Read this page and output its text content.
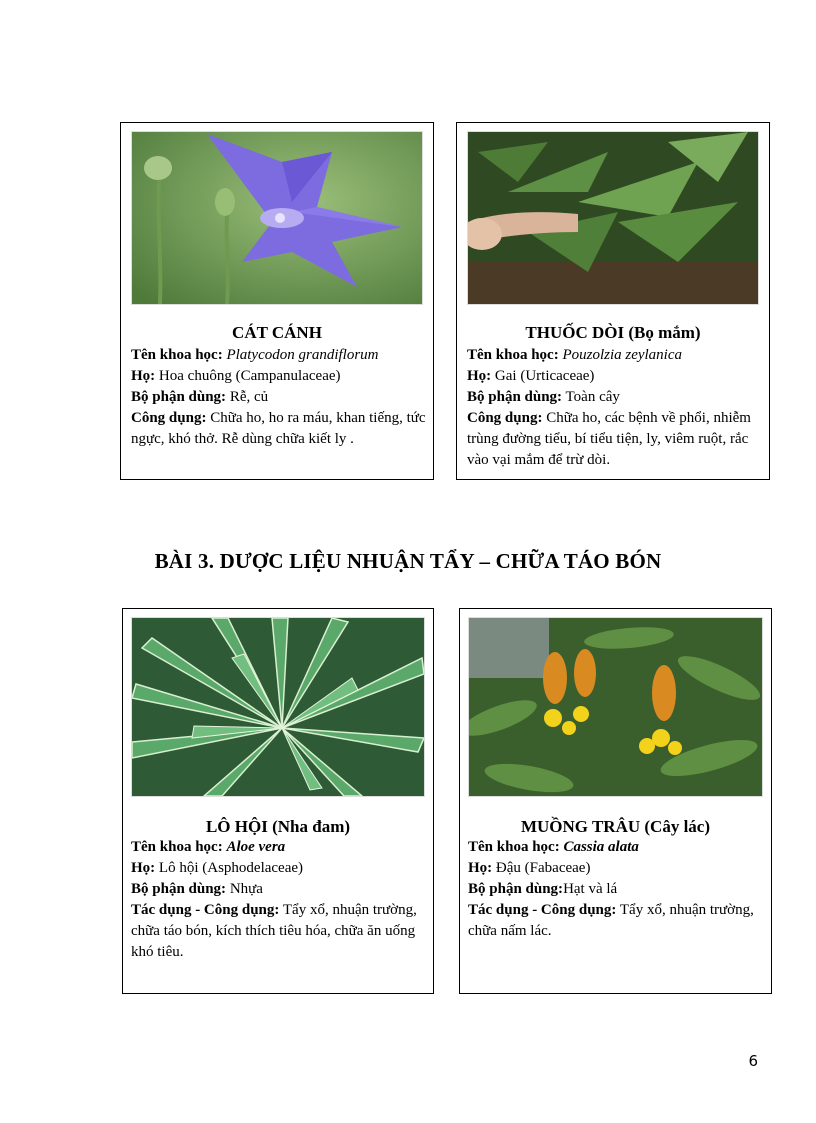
CÁT CÁNH
Tên khoa học: Platycodon grandiflorum
Họ: Hoa chuông (Campanulaceae)
Bộ phận dùng: Rễ, củ
Công dụng: Chữa ho, ho ra máu, khan tiếng, tức ngực, khó thở. Rễ dùng chữa kiết ly .
THUỐC DÒI (Bọ mắm)
Tên khoa học: Pouzolzia zeylanica
Họ: Gai (Urticaceae)
Bộ phận dùng: Toàn cây
Công dụng: Chữa ho, các bệnh về phổi, nhiễm trùng đường tiểu, bí tiểu tiện, ly, viêm ruột, rắc vào vại mắm để trừ dòi.
BÀI 3. DƯỢC LIỆU NHUẬN TẨY – CHỮA TÁO BÓN
LÔ HỘI (Nha đam)
Tên khoa học: Aloe vera
Họ: Lô hội (Asphodelaceae)
Bộ phận dùng: Nhựa
Tác dụng - Công dụng: Tẩy xổ, nhuận trường, chữa táo bón, kích thích tiêu hóa, chữa ăn uống khó tiêu.
MUỒNG TRÂU (Cây lác)
Tên khoa học: Cassia alata
Họ: Đậu (Fabaceae)
Bộ phận dùng:Hạt và lá
Tác dụng - Công dụng: Tẩy xổ, nhuận trường, chữa nấm lác.
6
